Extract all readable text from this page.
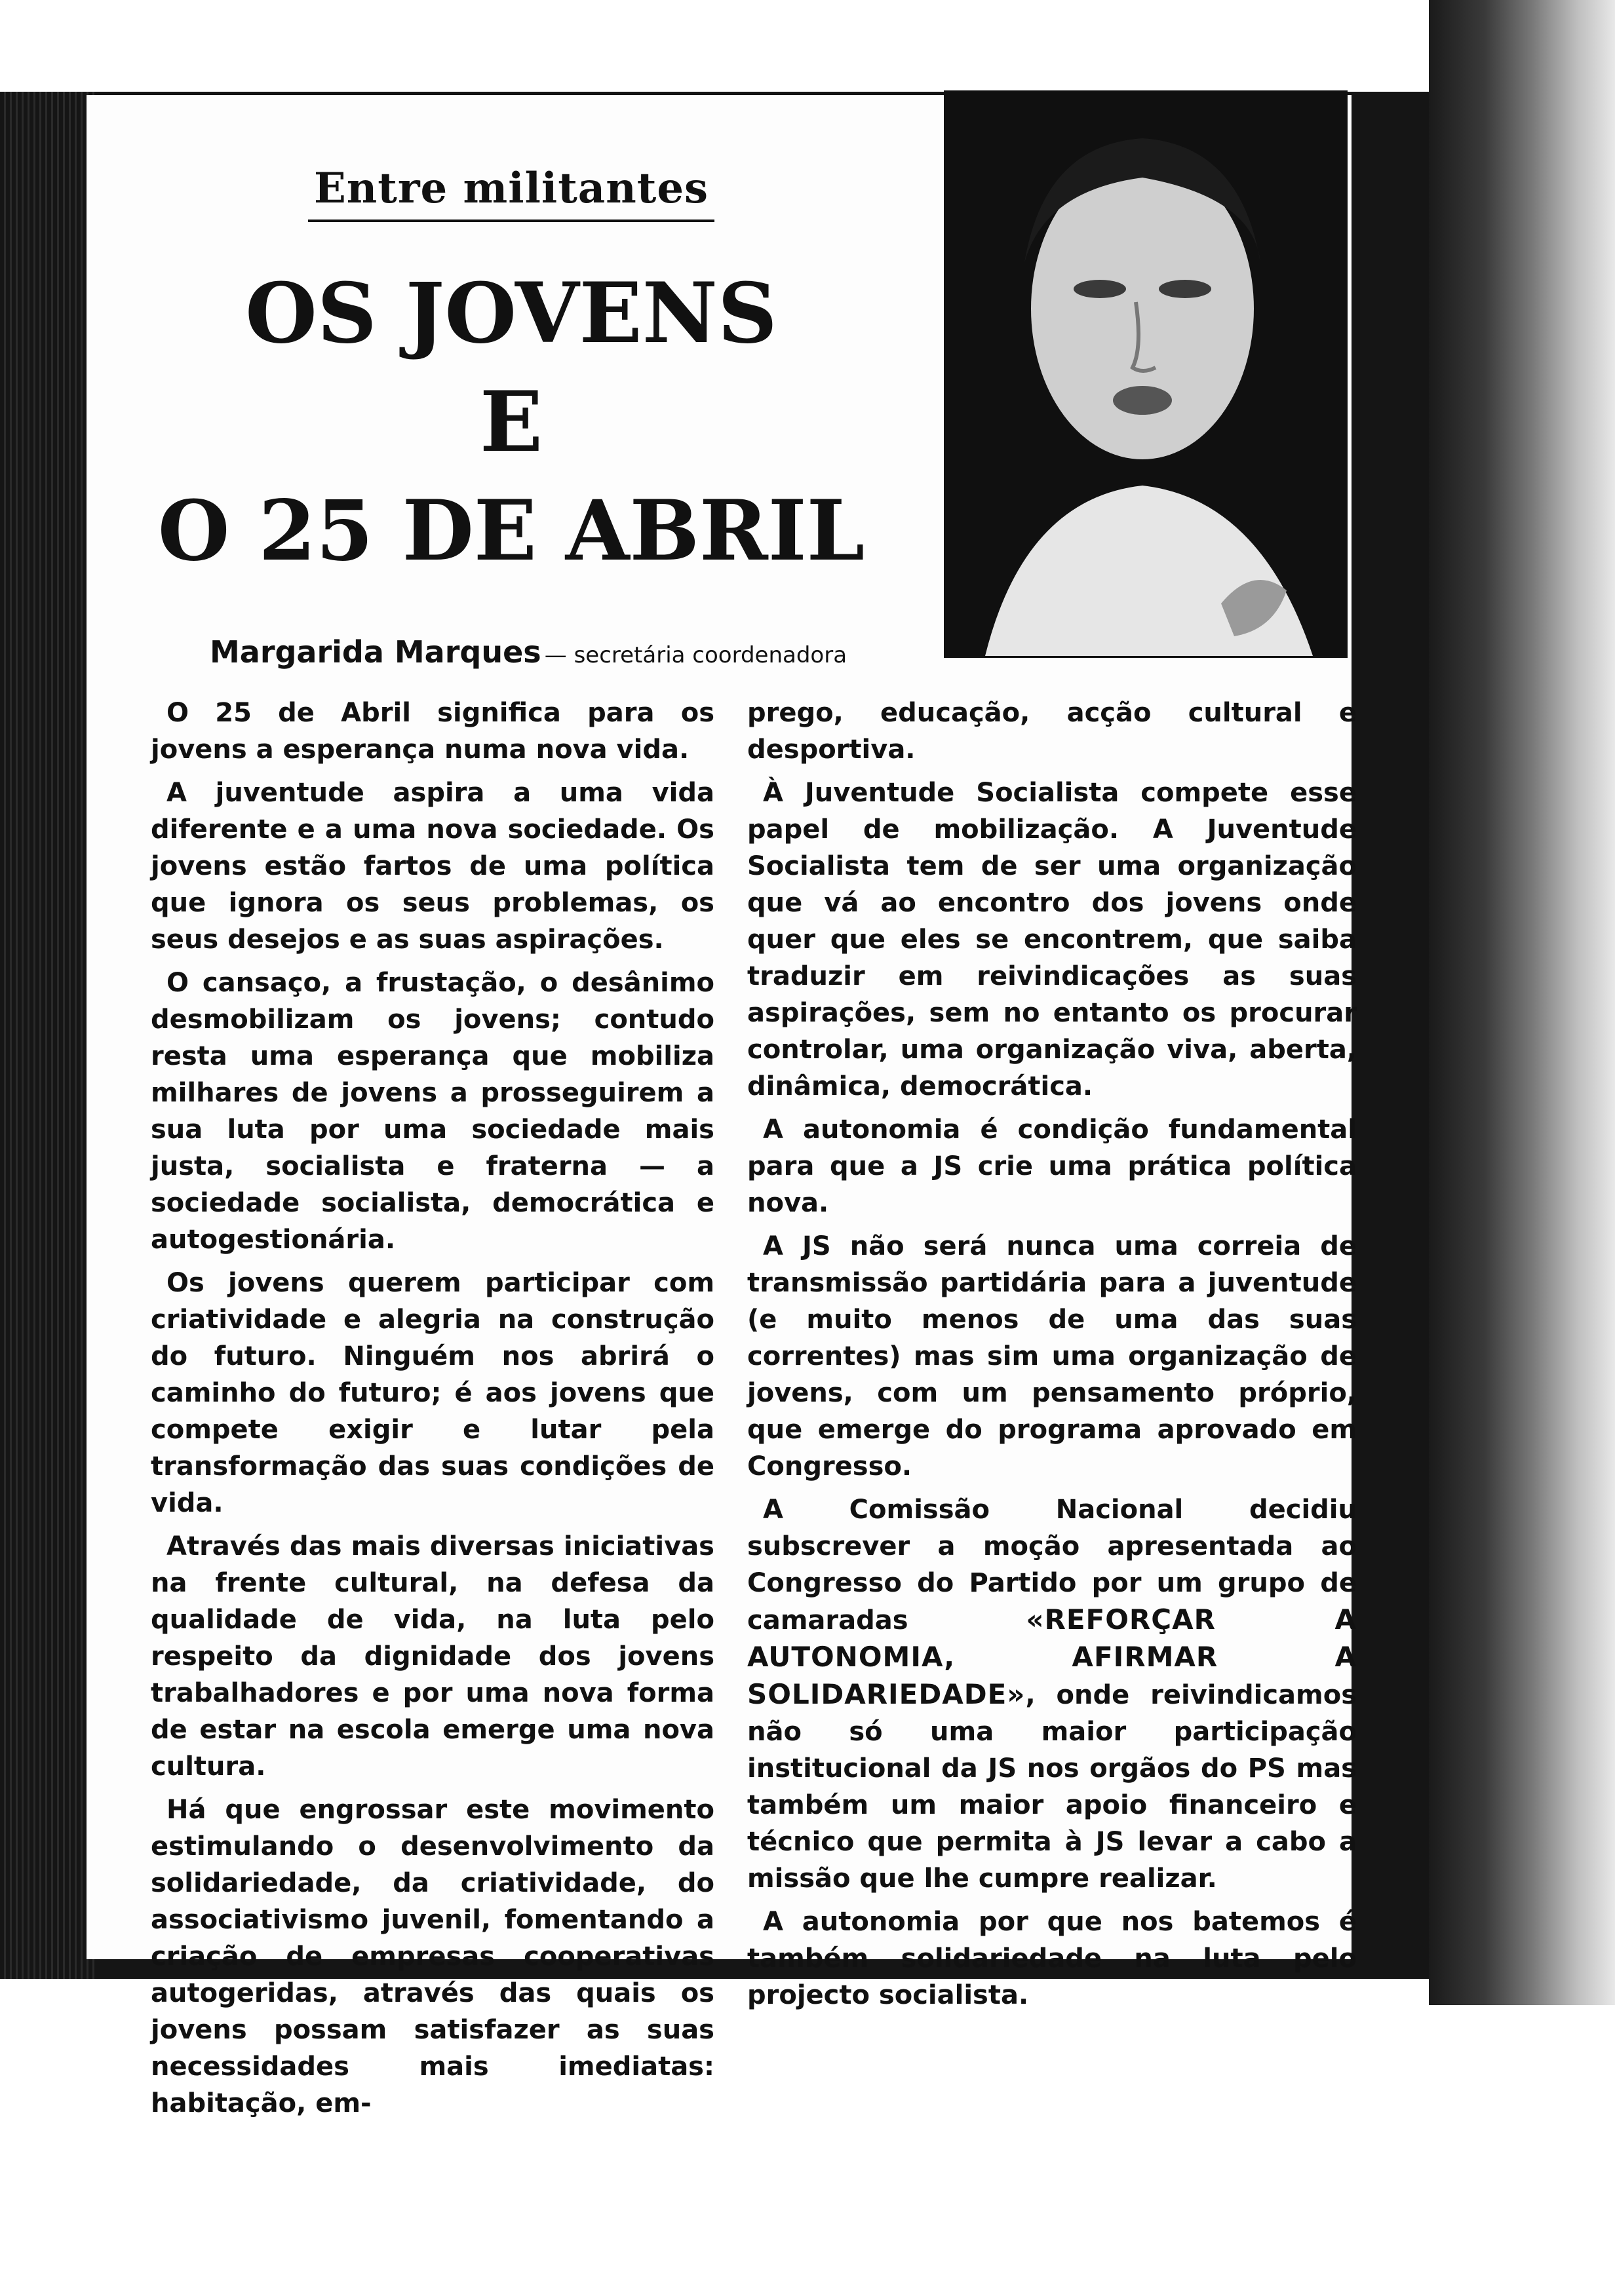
Entre militantes
OS JOVENS
E
O 25 DE ABRIL
Margarida Marques — secretária coordenadora

O 25 de Abril significa para os jovens a esperança numa nova vida.

A juventude aspira a uma vida diferente e a uma nova sociedade. Os jovens estão fartos de uma política que ignora os seus problemas, os seus desejos e as suas aspirações.

O cansaço, a frustação, o desânimo desmobilizam os jovens; contudo resta uma esperança que mobiliza milhares de jovens a prosseguirem a sua luta por uma sociedade mais justa, socialista e fraterna — a sociedade socialista, democrática e autogestionária.

Os jovens querem participar com criatividade e alegria na construção do futuro. Ninguém nos abrirá o caminho do futuro; é aos jovens que compete exigir e lutar pela transformação das suas condições de vida.

Através das mais diversas iniciativas na frente cultural, na defesa da qualidade de vida, na luta pelo respeito da dignidade dos jovens trabalhadores e por uma nova forma de estar na escola emerge uma nova cultura.

Há que engrossar este movimento estimulando o desenvolvimento da solidariedade, da criatividade, do associativismo juvenil, fomentando a criação de empresas cooperativas autogeridas, através das quais os jovens possam satisfazer as suas necessidades mais imediatas: habitação, em-

prego, educação, acção cultural e desportiva.

À Juventude Socialista compete esse papel de mobilização. A Juventude Socialista tem de ser uma organização que vá ao encontro dos jovens onde quer que eles se encontrem, que saiba traduzir em reivindicações as suas aspirações, sem no entanto os procurar controlar, uma organização viva, aberta, dinâmica, democrática.

A autonomia é condição fundamental para que a JS crie uma prática política nova.

A JS não será nunca uma correia de transmissão partidária para a juventude (e muito menos de uma das suas correntes) mas sim uma organização de jovens, com um pensamento próprio, que emerge do programa aprovado em Congresso.

A Comissão Nacional decidiu subscrever a moção apresentada ao Congresso do Partido por um grupo de camaradas «REFORÇAR A AUTONOMIA, AFIRMAR A SOLIDARIEDADE», onde reivindicamos não só uma maior participação institucional da JS nos orgãos do PS mas também um maior apoio financeiro e técnico que permita à JS levar a cabo a missão que lhe cumpre realizar.

A autonomia por que nos batemos é também solidariedade na luta pelo projecto socialista.
